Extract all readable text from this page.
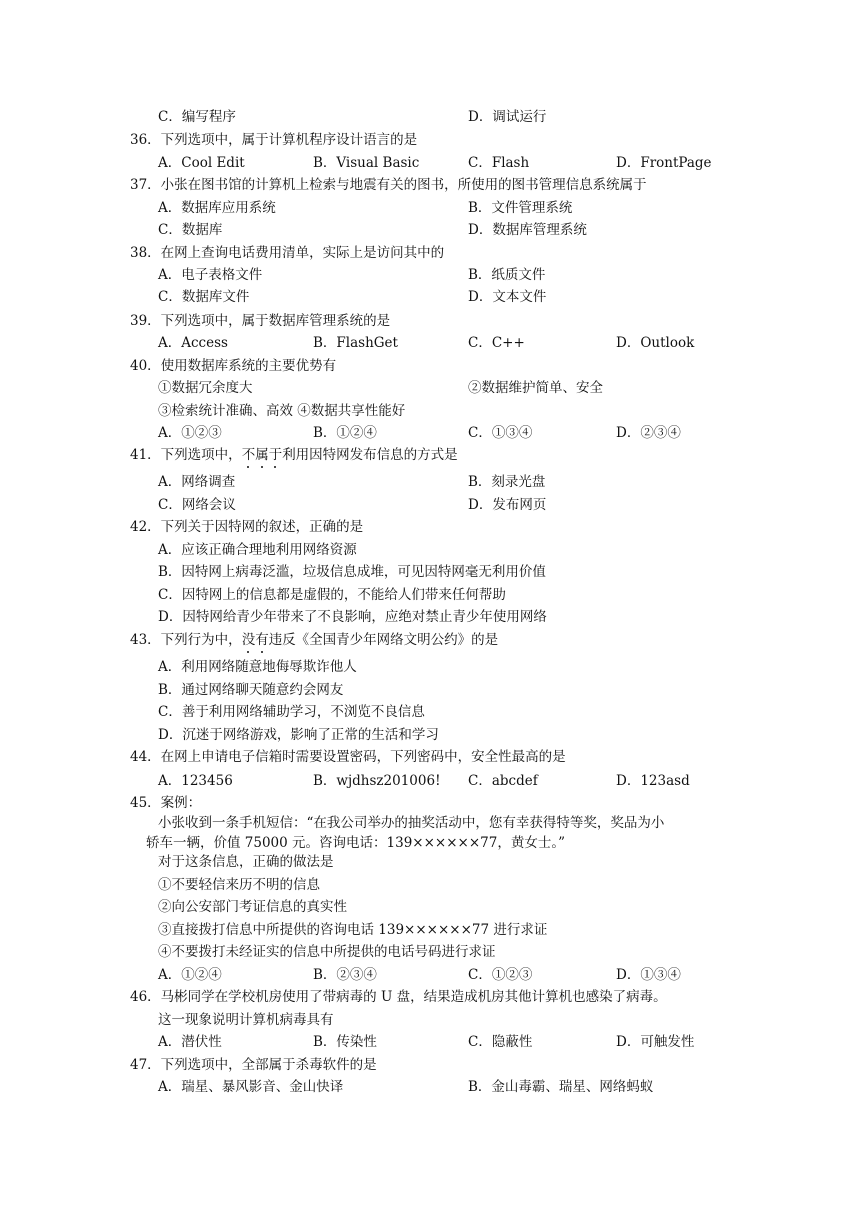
C．编写程序	D．调试运行
36．下列选项中，属于计算机程序设计语言的是
A．Cool Edit	B．Visual Basic	C．Flash	D．FrontPage
37．小张在图书馆的计算机上检索与地震有关的图书，所使用的图书管理信息系统属于
A．数据库应用系统	B．文件管理系统
C．数据库	D．数据库管理系统
38．在网上查询电话费用清单，实际上是访问其中的
A．电子表格文件	B．纸质文件
C．数据库文件	D．文本文件
39．下列选项中，属于数据库管理系统的是
A．Access	B．FlashGet	C．C++	D．Outlook
40．使用数据库系统的主要优势有
①数据冗余度大	②数据维护简单、安全
③检索统计准确、高效 ④数据共享性能好
A．①②③	B．①②④	C．①③④	D．②③④
41．下列选项中，不属于利用因特网发布信息的方式是
A．网络调查	B．刻录光盘
C．网络会议	D．发布网页
42．下列关于因特网的叙述，正确的是
A．应该正确合理地利用网络资源
B．因特网上病毒泛滥，垃圾信息成堆，可见因特网毫无利用价值
C．因特网上的信息都是虚假的，不能给人们带来任何帮助
D．因特网给青少年带来了不良影响，应绝对禁止青少年使用网络
43．下列行为中，没有违反《全国青少年网络文明公约》的是
A．利用网络随意地侮辱欺诈他人
B．通过网络聊天随意约会网友
C．善于利用网络辅助学习，不浏览不良信息
D．沉迷于网络游戏，影响了正常的生活和学习
44．在网上申请电子信箱时需要设置密码，下列密码中，安全性最高的是
A．123456	B．wjdhsz201006! C．abcdef	D．123asd
45．案例：
小张收到一条手机短信：“在我公司举办的抽奖活动中，您有幸获得特等奖，奖品为小
轿车一辆，价值 75000 元。咨询电话：139××××××77，黄女士。”
对于这条信息，正确的做法是
①不要轻信来历不明的信息
②向公安部门考证信息的真实性
③直接拨打信息中所提供的咨询电话 139××××××77 进行求证
④不要拨打未经证实的信息中所提供的电话号码进行求证
A．①②④	B．②③④	C．①②③	D．①③④
46．马彬同学在学校机房使用了带病毒的 U 盘，结果造成机房其他计算机也感染了病毒。
这一现象说明计算机病毒具有
A．潜伏性	B．传染性	C．隐蔽性	D．可触发性
47．下列选项中，全部属于杀毒软件的是
A．瑞星、暴风影音、金山快译	B．金山毒霸、瑞星、网络蚂蚁
